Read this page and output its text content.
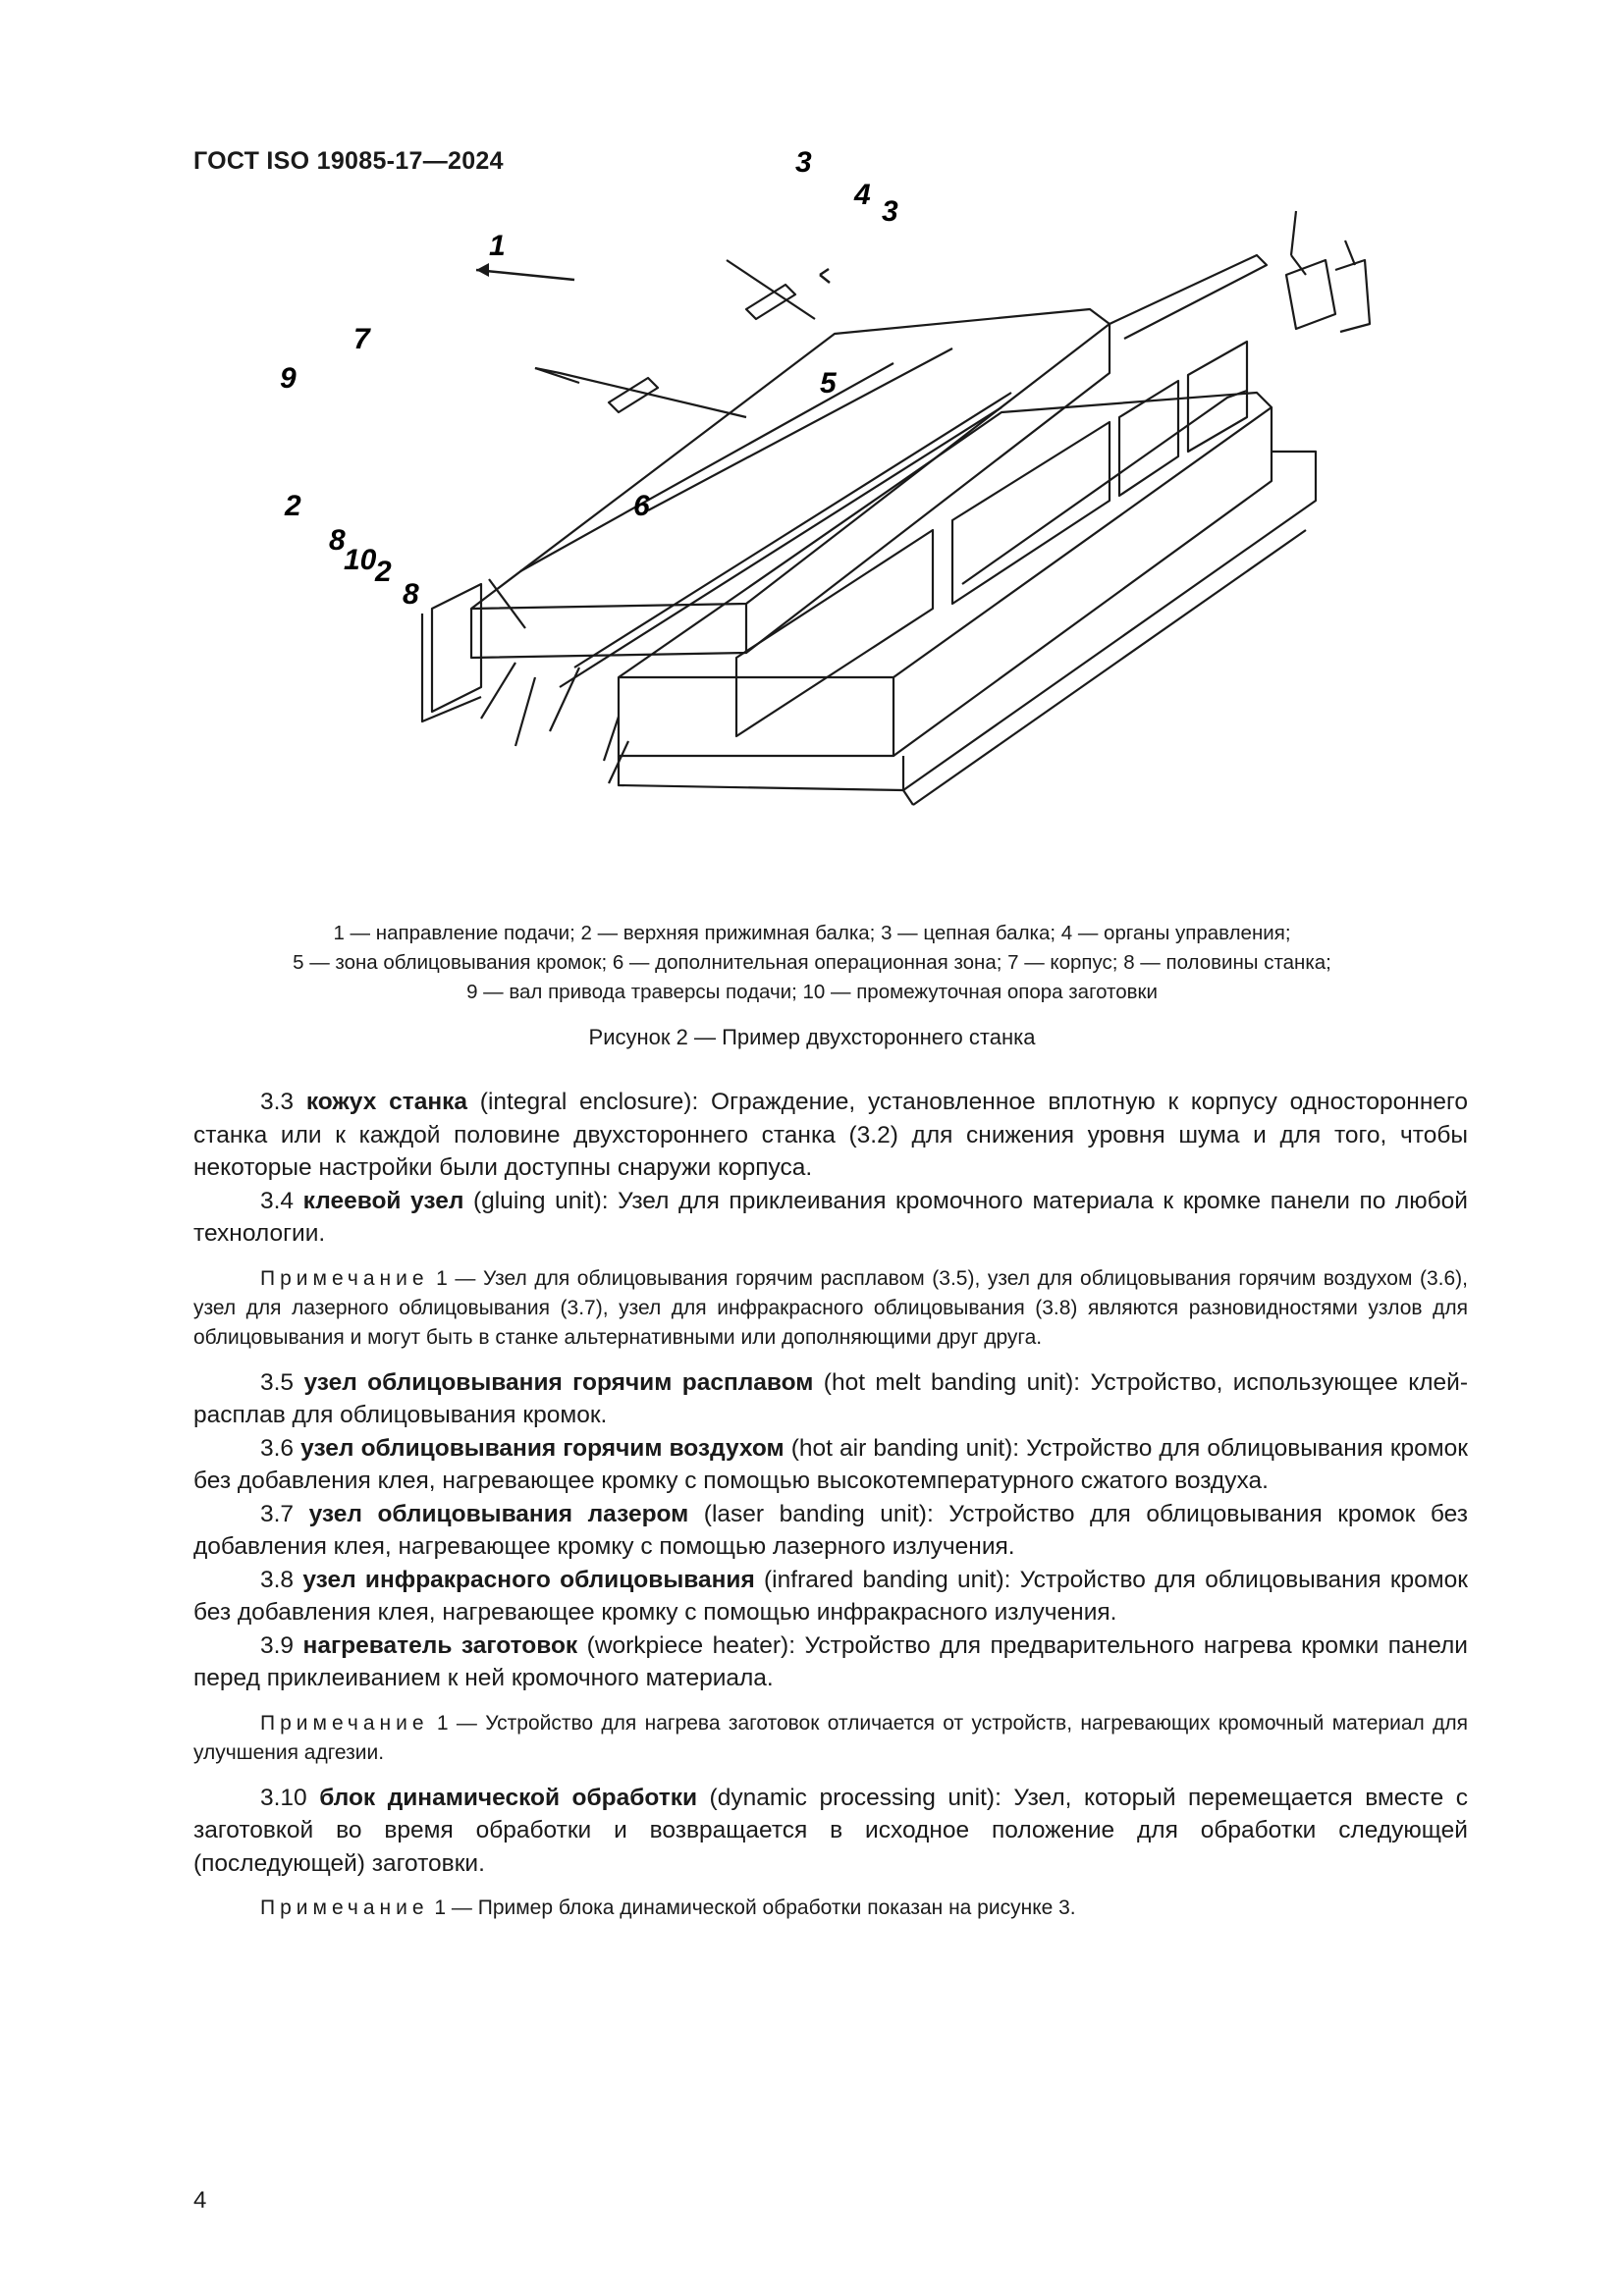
ГОСТ ISO 19085-17—2024
1
2
3
4
3
5
6
7
8
9
10
2
8
1 — направление подачи; 2 — верхняя прижимная балка; 3 — цепная балка; 4 — органы управления;
5 — зона облицовывания кромок; 6 — дополнительная операционная зона; 7 — корпус; 8 — половины станка;
9 — вал привода траверсы подачи; 10 — промежуточная опора заготовки
Рисунок 2 — Пример двухстороннего станка

3.3 кожух станка (integral enclosure): Ограждение, установленное вплотную к корпусу одностороннего станка или к каждой половине двухстороннего станка (3.2) для снижения уровня шума и для того, чтобы некоторые настройки были доступны снаружи корпуса.

3.4 клеевой узел (gluing unit): Узел для приклеивания кромочного материала к кромке панели по любой технологии.

Примечание 1 — Узел для облицовывания горячим расплавом (3.5), узел для облицовывания горячим воздухом (3.6), узел для лазерного облицовывания (3.7), узел для инфракрасного облицовывания (3.8) являются разновидностями узлов для облицовывания и могут быть в станке альтернативными или дополняющими друг друга.

3.5 узел облицовывания горячим расплавом (hot melt banding unit): Устройство, использующее клей-расплав для облицовывания кромок.

3.6 узел облицовывания горячим воздухом (hot air banding unit): Устройство для облицовывания кромок без добавления клея, нагревающее кромку с помощью высокотемпературного сжатого воздуха.

3.7 узел облицовывания лазером (laser banding unit): Устройство для облицовывания кромок без добавления клея, нагревающее кромку с помощью лазерного излучения.

3.8 узел инфракрасного облицовывания (infrared banding unit): Устройство для облицовывания кромок без добавления клея, нагревающее кромку с помощью инфракрасного излучения.

3.9 нагреватель заготовок (workpiece heater): Устройство для предварительного нагрева кромки панели перед приклеиванием к ней кромочного материала.

Примечание 1 — Устройство для нагрева заготовок отличается от устройств, нагревающих кромочный материал для улучшения адгезии.

3.10 блок динамической обработки (dynamic processing unit): Узел, который перемещается вместе с заготовкой во время обработки и возвращается в исходное положение для обработки следующей (последующей) заготовки.

Примечание 1 — Пример блока динамической обработки показан на рисунке 3.

4
